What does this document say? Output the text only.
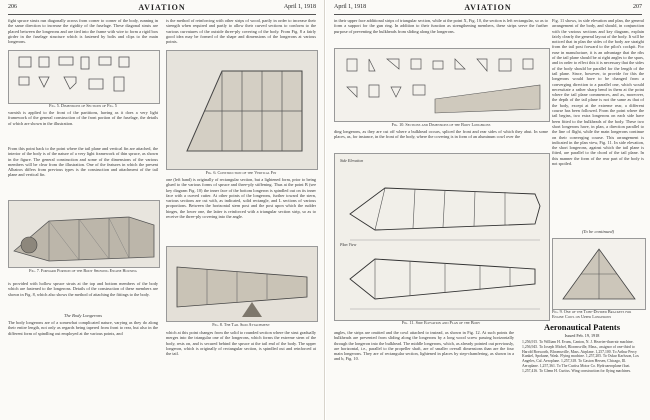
206	AVIATION	April 1, 1918
fight spruce struts run diagonally across from corner to corner of the body, running in the same direction to increase the rigidity of the fuselage. These diagonal struts are placed between the longerons and are tied into the frame with wire to form a rigid box girder in the fuselage structure which is fastened by bolts and clips to the main longerons.
Fig. 5. Dimensions of Sections of Fig. 5
varnish is applied to the front of the partitions, having as it does a very light framework of the general construction of the front portion of the fuselage, the details of which are shown in the illustration.
From this point back to the point where the tail plane and vertical fin are attached, the interior of the body is of the nature of a very light framework of thin spruce, as shown in the figure. The general construction and some of the dimensions of the various members will be clear from the illustration. One of the features in which the present Albatros differs from previous types is the construction and attachment of the tail plane and vertical fin.
Fig. 7. Forward Portion of the Body Showing Engine Housing
is provided with hollow spruce struts at the top and bottom members of the body which are fastened to the longerons. Details of the construction of these members are shown in Fig. 8, which also shows the method of attaching the fittings to the body.
The Body Longerons
The body longerons are of a somewhat complicated nature, varying as they do along their entire length, not only as regards being tapered from front to rear, but also in the different form of spindling out employed at the various points, and
is the method of reinforcing with other strips of wood, partly in order to increase their strength when required and partly to allow their curved sections to conform to the various curvatures of the outside three-ply covering of the body. From Fig. 8 a fairly good idea may be formed of the shape and dimensions of the longerons at various points.
Fig. 6. Construction of the Vertical Fin
one (left hand) is originally of rectangular section, but a lightened form, prior to being glued to the various forms of spruce and three-ply stiffening. Thus at the point B (see key diagram Fig. 10) the inner face of the bottom longeron is spindled out on its inner face with a curved cutter. At other points of the longerons, further toward the stern, various sections are cut with, as indicated, solid rectangle, and L sections of various proportions. Between the horizontal stern post and the post upon which the rudder hinges, the lower one, the latter is reinforced with a triangular section strip, so as to receive the three-ply covering into the angle.
Fig. 8. The Tail Skid Attachment
which at this point changes from the solid to rounded section where the strut gradually merges into the triangular one of the longerons, which forms the extreme stern of the body, rests on, and is secured behind the spruce at the tail end of the body. The upper longeron, which is originally of rectangular section, is spindled out and reinforced at the tail.
April 1, 1918	AVIATION	207
in their upper face additional strips of triangular section, while at the point X, Fig. 10, the section is left rectangular, so as to form a support for the gun ring. In addition to their function as strengthening members, these strips serve the further purpose of preventing the bulkheads from sliding along the longerons.
Fig. 10. Sections and Dimensions of the Body Longerons
ding longerons, as they are cut off where a bulkhead occurs, spliced the front and rear sides of which they abut. In some places, as, for instance, in the front of the body, where the covering is in form of an aluminum cowl over the
Side Elevation
Plan View
Fig. 11. Side Elevation and Plan of the Body
angles, the strips are omitted and the cowl attached to instead, as shown in Fig. 12. At such points the bulkheads are prevented from sliding along the longerons by a long wood screw passing horizontally through the longeron into the bulkhead. The middle longerons, which, as already pointed out previously, are horizontal, i.e., parallel to the propeller shaft, are of smaller overall dimensions than are the four main longerons. They are of rectangular section, lightened in places by step-chamfering, as shown in a and b, Fig. 10.
Fig. 11 shows, in side elevation and plan, the general arrangement of the body, and should, in conjunction with the various sections and key diagram, explain fairly clearly the general layout of the body. It will be noticed that in plan the sides of the body are straight from the tail post forward to the pilot's cockpit. For ease in manufacture, it is an advantage that the ribs of the tail plane should be at right angles to the spars, and in order to effect this it is necessary that the sides of the body should be parallel for the length of the tail plane. Since, however, to provide for this the longerons would have to be changed from a converging direction to a parallel one, which would necessitate a rather sharp bend in them at the point where the tail plane commences, and as, moreover, the depth of the tail plane is not the same as that of the body, except at the extreme rear, a different course has been followed. From the point where the tail begins, two extra longerons on each side have been fitted to the bulkheads of the body. These two short longerons have, in plan, a direction parallel to the line of flight, while the main longerons continue on their converging course. This arrangement is indicated in the plan view, Fig. 11. In side elevation, the short longerons, against which the tail plane is fitted, are parallel to the chord of the tail plane. In this manner the form of the rear part of the body is not spoiled.
(To be continued)
Fig. 9. One of the Tube-Divided Brackets for Engine Cowl on Upper Longerons
Aeronautical Patents
Issued Feb. 19, 1918
1,256,915. To William H. Evans, Canton, N. J. Heavier-than-air machine. 1,256,945. To Joseph Michel, Bloomsville, Mass., assignor of one-third to Harold Bosworth, Bloomsville, Mass. Airplane. 1,257,100. To Arthur Percy Kunkel, Spokane, Wash. Flying machine. 1,257,205. To Oskar Karlsson, Los Angeles, Cal. Aeroplane. 1,257,318. To Gaston Hersen, Chicago, Ill. Aeroplane. 1,257,361. To The Curtiss Motor Co. Hydroaeroplane float. 1,257,416. To Glenn H. Curtiss. Wing construction for flying machines.
